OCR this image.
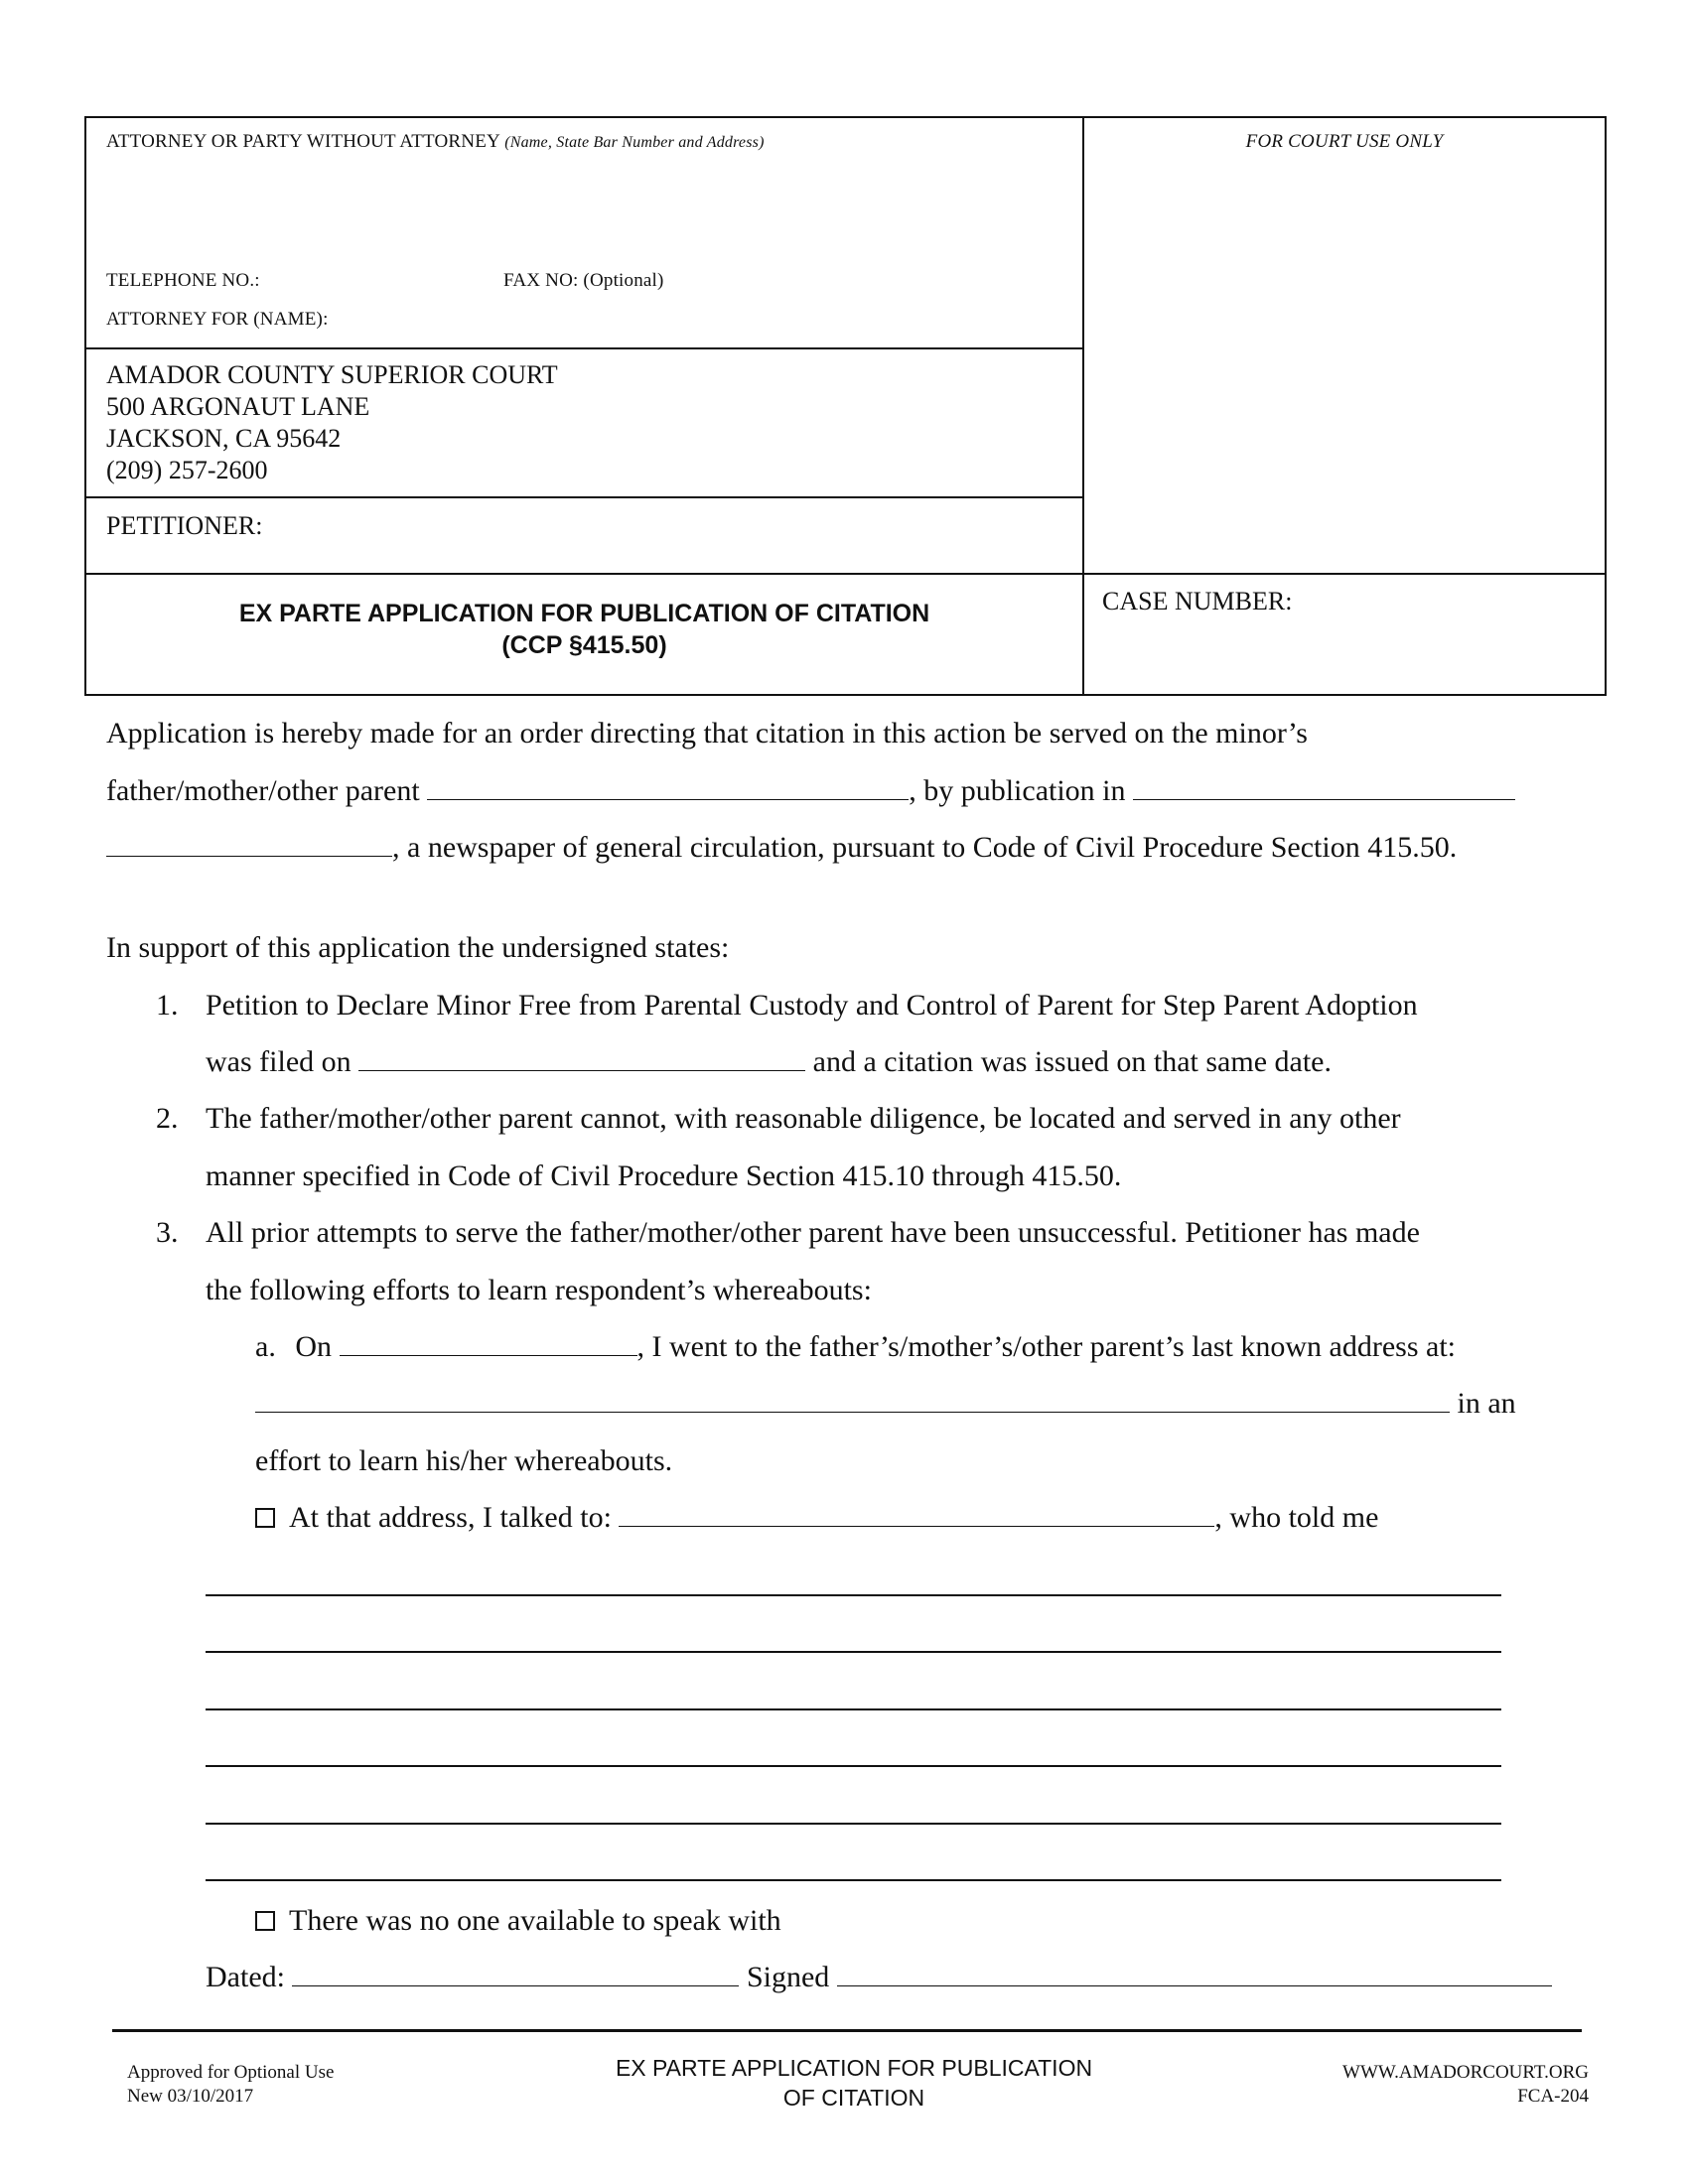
ATTORNEY OR PARTY WITHOUT ATTORNEY (Name, State Bar Number and Address)	FOR COURT USE ONLY
TELEPHONE NO.:	FAX NO: (Optional)
ATTORNEY FOR (NAME):
AMADOR COUNTY SUPERIOR COURT
500 ARGONAUT LANE
JACKSON, CA 95642
(209) 257-2600
PETITIONER:
EX PARTE APPLICATION FOR PUBLICATION OF CITATION
(CCP §415.50)
CASE NUMBER:
Application is hereby made for an order directing that citation in this action be served on the minor’s
father/mother/other parent	, by publication in
, a newspaper of general circulation, pursuant to Code of Civil Procedure Section 415.50.
In support of this application the undersigned states:
1. Petition to Declare Minor Free from Parental Custody and Control of Parent for Step Parent Adoption
was filed on	and a citation was issued on that same date.
2. The father/mother/other parent cannot, with reasonable diligence, be located and served in any other
manner specified in Code of Civil Procedure Section 415.10 through 415.50.
3. All prior attempts to serve the father/mother/other parent have been unsuccessful. Petitioner has made
the following efforts to learn respondent’s whereabouts:
a. On	, I went to the father’s/mother’s/other parent’s last known address at:
in an
effort to learn his/her whereabouts.
At that address, I talked to:	, who told me
There was no one available to speak with
Dated:	Signed
Approved for Optional Use
New 03/10/2017
EX PARTE APPLICATION FOR PUBLICATION
OF CITATION
WWW.AMADORCOURT.ORG
FCA-204
